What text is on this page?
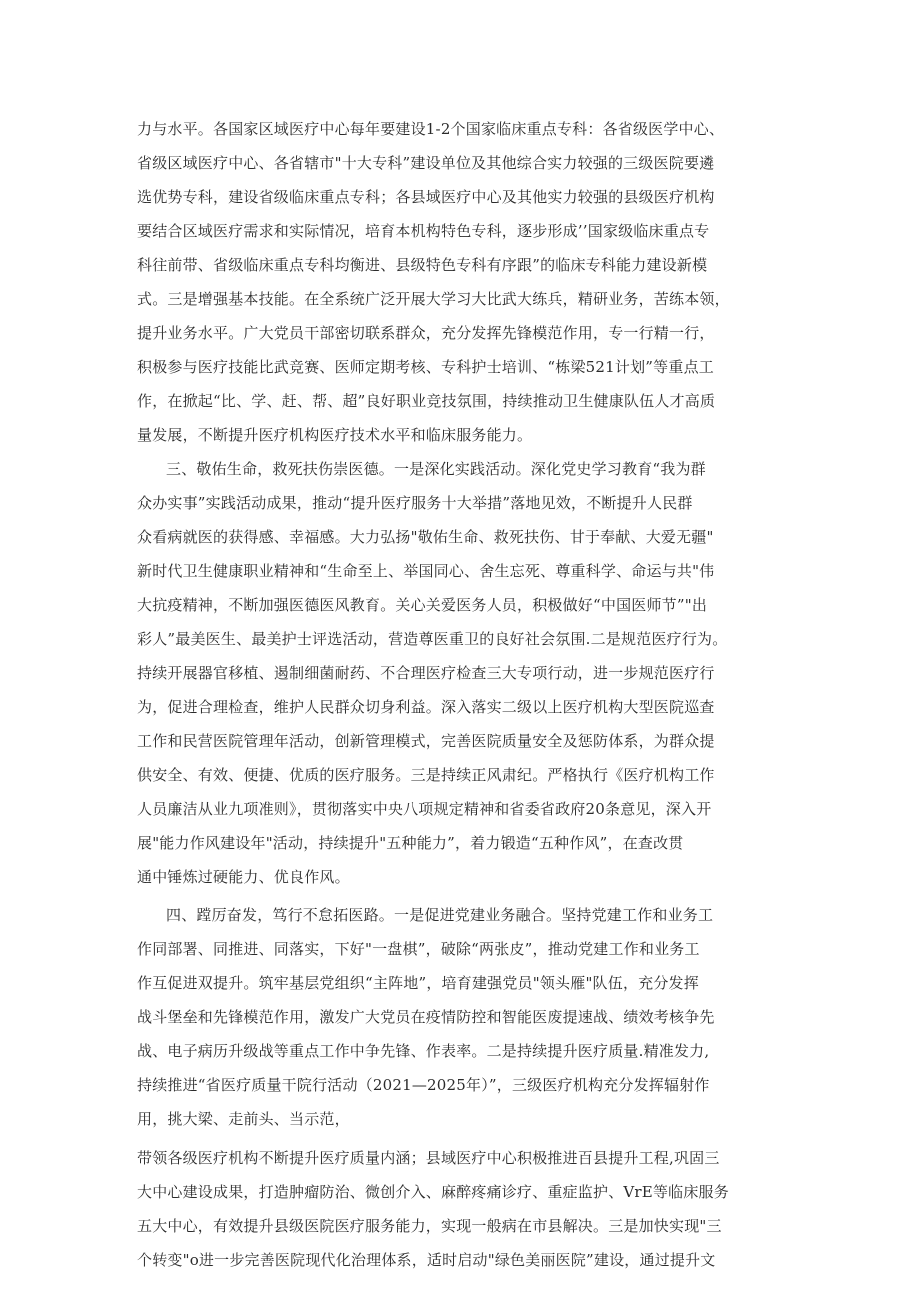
力与水平。各国家区域医疗中心每年要建设1-2个国家临床重点专科：各省级医学中心、
省级区域医疗中心、各省辖市"十大专科”建设单位及其他综合实力较强的三级医院要遴
选优势专科，建设省级临床重点专科；各县域医疗中心及其他实力较强的县级医疗机构
要结合区域医疗需求和实际情况，培育本机构特色专科，逐步形成’’国家级临床重点专
科往前带、省级临床重点专科均衡进、县级特色专科有序跟”的临床专科能力建设新模
式。三是增强基本技能。在全系统广泛开展大学习大比武大练兵，精研业务，苦练本领，
提升业务水平。广大党员干部密切联系群众，充分发挥先锋模范作用，专一行精一行，
积极参与医疗技能比武竞赛、医师定期考核、专科护士培训、“栋梁521计划”等重点工
作，在掀起“比、学、赶、帮、超”良好职业竞技氛围，持续推动卫生健康队伍人才高质
量发展，不断提升医疗机构医疗技术水平和临床服务能力。
三、敬佑生命，救死扶伤崇医德。一是深化实践活动。深化党史学习教育“我为群
众办实事”实践活动成果，推动“提升医疗服务十大举措”落地见效，不断提升人民群
众看病就医的获得感、幸福感。大力弘扬"敬佑生命、救死扶伤、甘于奉献、大爱无疆"
新时代卫生健康职业精神和“生命至上、举国同心、舍生忘死、尊重科学、命运与共"伟
大抗疫精神，不断加强医德医风教育。关心关爱医务人员，积极做好“中国医师节”"出
彩人”最美医生、最美护士评选活动，营造尊医重卫的良好社会氛围.二是规范医疗行为。
持续开展器官移植、遏制细菌耐药、不合理医疗检查三大专项行动，进一步规范医疗行
为，促进合理检查，维护人民群众切身利益。深入落实二级以上医疗机构大型医院巡查
工作和民营医院管理年活动，创新管理模式，完善医院质量安全及惩防体系，为群众提
供安全、有效、便捷、优质的医疗服务。三是持续正风肃纪。严格执行《医疗机构工作
人员廉洁从业九项准则》，贯彻落实中央八项规定精神和省委省政府20条意见，深入开
展"能力作风建设年"活动，持续提升"五种能力”，着力锻造“五种作风”，在查改贯
通中锤炼过硬能力、优良作风。
四、蹚厉奋发，笃行不怠拓医路。一是促进党建业务融合。坚持党建工作和业务工
作同部署、同推进、同落实，下好"一盘棋”，破除“两张皮”，推动党建工作和业务工
作互促进双提升。筑牢基层党组织“主阵地”，培育建强党员"领头雁"队伍，充分发挥
战斗堡垒和先锋模范作用，激发广大党员在疫情防控和智能医废提速战、绩效考核争先
战、电子病历升级战等重点工作中争先锋、作表率。二是持续提升医疗质量.精准发力,
持续推进“省医疗质量干院行活动（2021—2025年）”，三级医疗机构充分发挥辐射作
用，挑大梁、走前头、当示范，
带领各级医疗机构不断提升医疗质量内涵；县域医疗中心积极推进百县提升工程,巩固三
大中心建设成果，打造肿瘤防治、微创介入、麻醉疼痛诊疗、重症监护、VrE等临床服务
五大中心，有效提升县级医院医疗服务能力，实现一般病在市县解决。三是加快实现"三
个转变"o进一步完善医院现代化治理体系，适时启动"绿色美丽医院”建设，通过提升文
